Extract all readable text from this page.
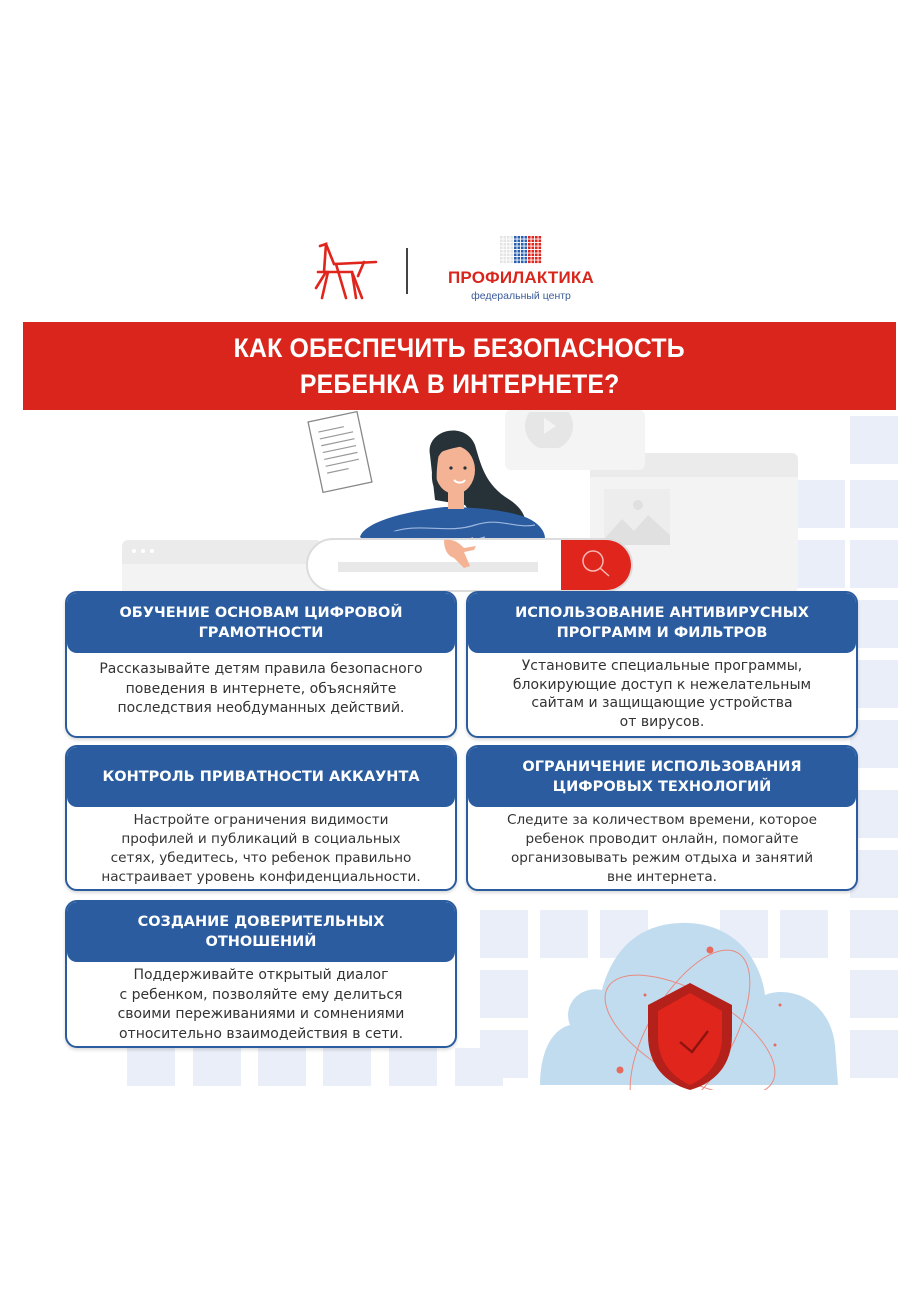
ПРОФИЛАКТИКА
федеральный центр
КАК ОБЕСПЕЧИТЬ БЕЗОПАСНОСТЬ
РЕБЕНКА В ИНТЕРНЕТЕ?
ОБУЧЕНИЕ ОСНОВАМ ЦИФРОВОЙ
ГРАМОТНОСТИ
Рассказывайте детям правила безопасного
поведения в интернете, объясняйте
последствия необдуманных действий.
ИСПОЛЬЗОВАНИЕ АНТИВИРУСНЫХ
ПРОГРАММ И ФИЛЬТРОВ
Установите специальные программы,
блокирующие доступ к нежелательным
сайтам и защищающие устройства
от вирусов.
КОНТРОЛЬ ПРИВАТНОСТИ АККАУНТА
Настройте ограничения видимости
профилей и публикаций в социальных
сетях, убедитесь, что ребенок правильно
настраивает уровень конфиденциальности.
ОГРАНИЧЕНИЕ ИСПОЛЬЗОВАНИЯ
ЦИФРОВЫХ ТЕХНОЛОГИЙ
Следите за количеством времени, которое
ребенок проводит онлайн, помогайте
организовывать режим отдыха и занятий
вне интернета.
СОЗДАНИЕ ДОВЕРИТЕЛЬНЫХ
ОТНОШЕНИЙ
Поддерживайте открытый диалог
с ребенком, позволяйте ему делиться
своими переживаниями и сомнениями
относительно взаимодействия в сети.
